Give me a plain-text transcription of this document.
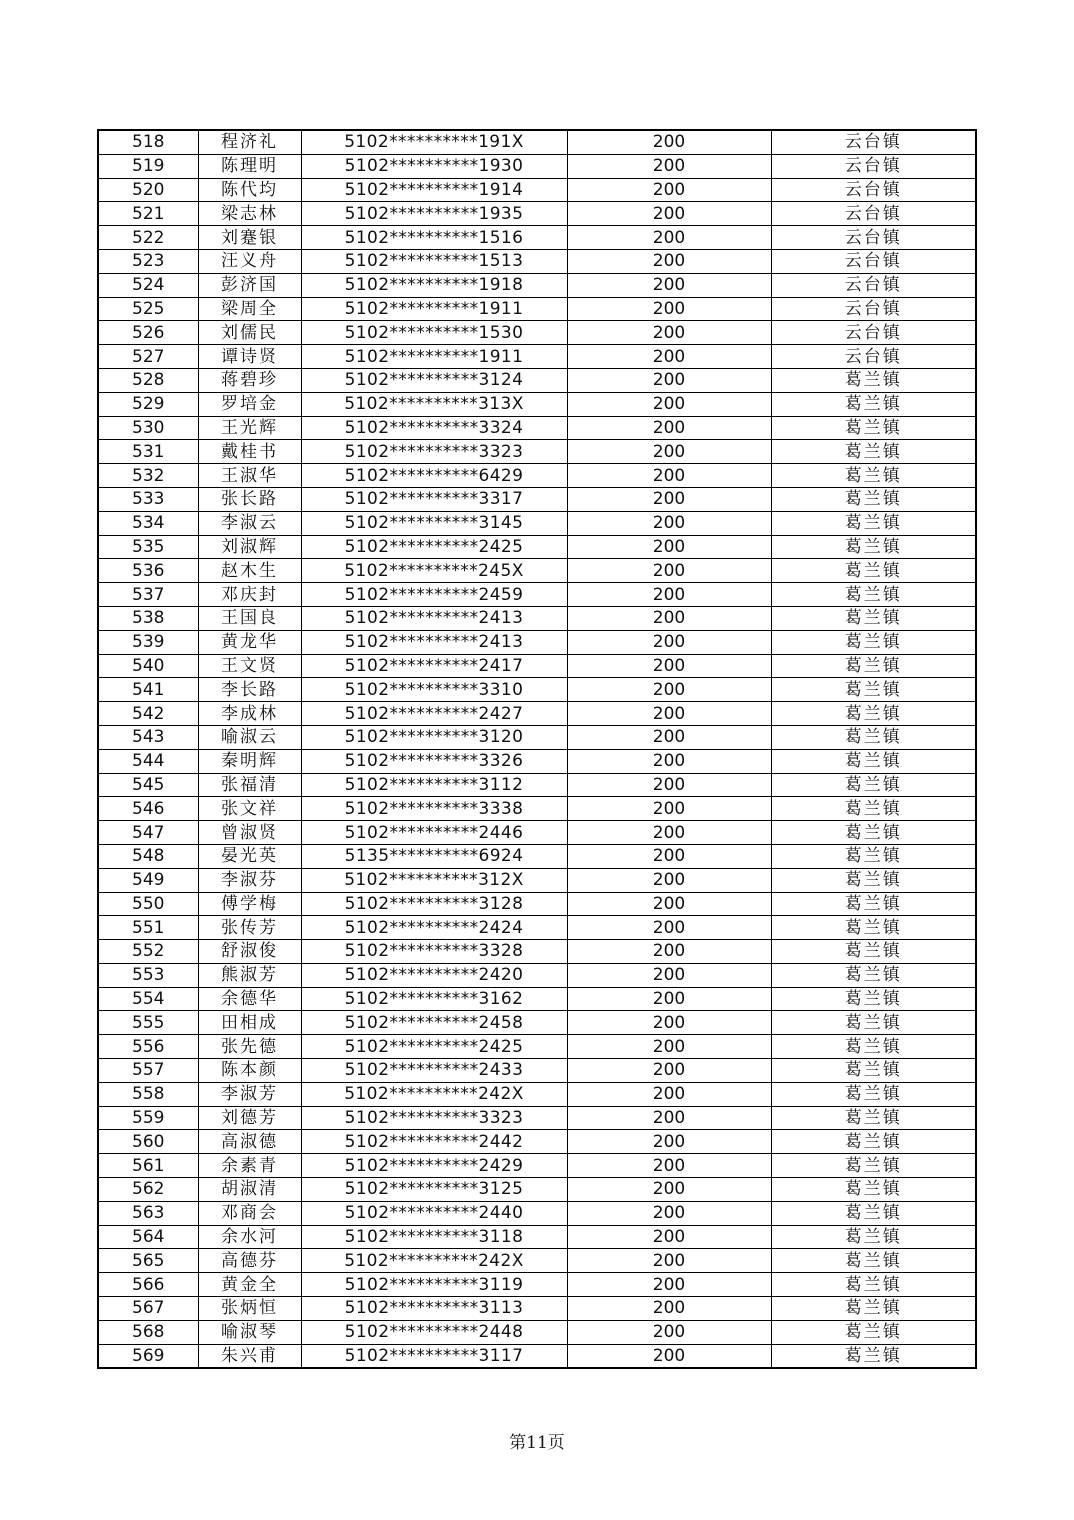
518	程济礼	5102**********191X	200	云台镇
519	陈理明	5102**********1930	200	云台镇
520	陈代均	5102**********1914	200	云台镇
521	梁志林	5102**********1935	200	云台镇
522	刘蹇银	5102**********1516	200	云台镇
523	汪义舟	5102**********1513	200	云台镇
524	彭济国	5102**********1918	200	云台镇
525	梁周全	5102**********1911	200	云台镇
526	刘儒民	5102**********1530	200	云台镇
527	谭诗贤	5102**********1911	200	云台镇
528	蒋碧珍	5102**********3124	200	葛兰镇
529	罗培金	5102**********313X	200	葛兰镇
530	王光辉	5102**********3324	200	葛兰镇
531	戴桂书	5102**********3323	200	葛兰镇
532	王淑华	5102**********6429	200	葛兰镇
533	张长路	5102**********3317	200	葛兰镇
534	李淑云	5102**********3145	200	葛兰镇
535	刘淑辉	5102**********2425	200	葛兰镇
536	赵木生	5102**********245X	200	葛兰镇
537	邓庆封	5102**********2459	200	葛兰镇
538	王国良	5102**********2413	200	葛兰镇
539	黄龙华	5102**********2413	200	葛兰镇
540	王文贤	5102**********2417	200	葛兰镇
541	李长路	5102**********3310	200	葛兰镇
542	李成林	5102**********2427	200	葛兰镇
543	喻淑云	5102**********3120	200	葛兰镇
544	秦明辉	5102**********3326	200	葛兰镇
545	张福清	5102**********3112	200	葛兰镇
546	张文祥	5102**********3338	200	葛兰镇
547	曾淑贤	5102**********2446	200	葛兰镇
548	晏光英	5135**********6924	200	葛兰镇
549	李淑芬	5102**********312X	200	葛兰镇
550	傅学梅	5102**********3128	200	葛兰镇
551	张传芳	5102**********2424	200	葛兰镇
552	舒淑俊	5102**********3328	200	葛兰镇
553	熊淑芳	5102**********2420	200	葛兰镇
554	余德华	5102**********3162	200	葛兰镇
555	田相成	5102**********2458	200	葛兰镇
556	张先德	5102**********2425	200	葛兰镇
557	陈本颜	5102**********2433	200	葛兰镇
558	李淑芳	5102**********242X	200	葛兰镇
559	刘德芳	5102**********3323	200	葛兰镇
560	高淑德	5102**********2442	200	葛兰镇
561	余素青	5102**********2429	200	葛兰镇
562	胡淑清	5102**********3125	200	葛兰镇
563	邓商会	5102**********2440	200	葛兰镇
564	余水河	5102**********3118	200	葛兰镇
565	高德芬	5102**********242X	200	葛兰镇
566	黄金全	5102**********3119	200	葛兰镇
567	张炳恒	5102**********3113	200	葛兰镇
568	喻淑琴	5102**********2448	200	葛兰镇
569	朱兴甫	5102**********3117	200	葛兰镇
第11页
